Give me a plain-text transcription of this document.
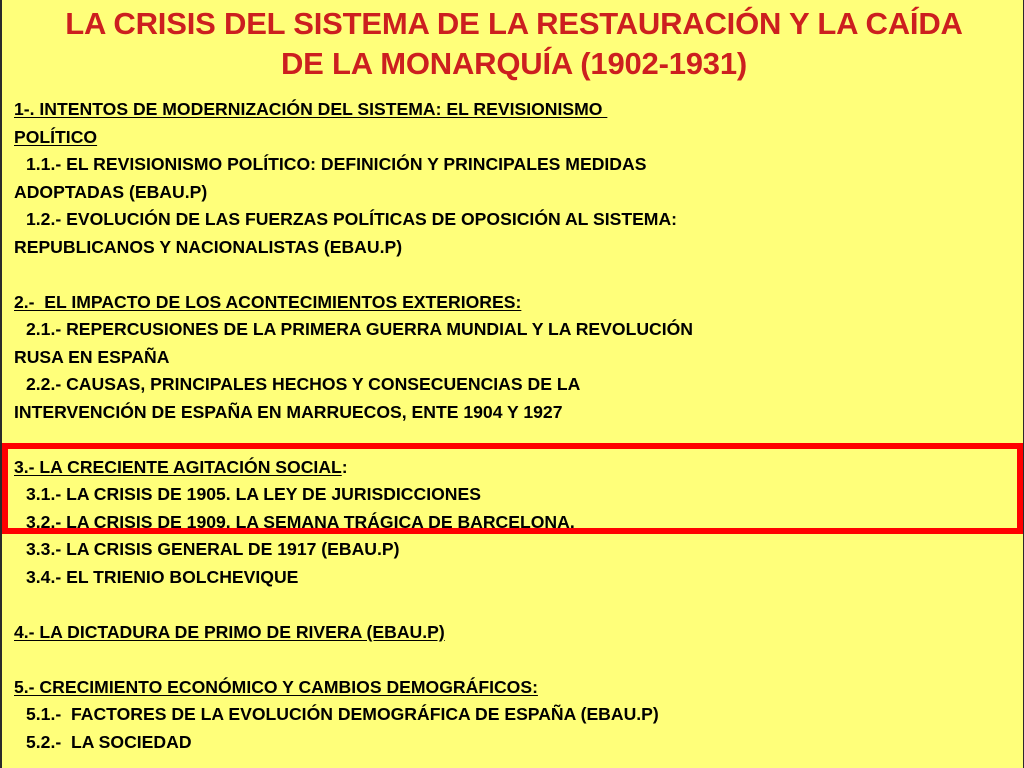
LA CRISIS DEL SISTEMA DE LA RESTAURACIÓN Y LA CAÍDA
DE LA MONARQUÍA (1902-1931)
1-. INTENTOS DE MODERNIZACIÓN DEL SISTEMA: EL REVISIONISMO
POLÍTICO
1.1.- EL REVISIONISMO POLÍTICO: DEFINICIÓN Y PRINCIPALES MEDIDAS
ADOPTADAS (EBAU.P)
1.2.- EVOLUCIÓN DE LAS FUERZAS POLÍTICAS DE OPOSICIÓN AL SISTEMA:
REPUBLICANOS Y NACIONALISTAS (EBAU.P)
2.-  EL IMPACTO DE LOS ACONTECIMIENTOS EXTERIORES:
2.1.- REPERCUSIONES DE LA PRIMERA GUERRA MUNDIAL Y LA REVOLUCIÓN
RUSA EN ESPAÑA
2.2.- CAUSAS, PRINCIPALES HECHOS Y CONSECUENCIAS DE LA
INTERVENCIÓN DE ESPAÑA EN MARRUECOS, ENTE 1904 Y 1927
3.- LA CRECIENTE AGITACIÓN SOCIAL:
3.1.- LA CRISIS DE 1905. LA LEY DE JURISDICCIONES
3.2.- LA CRISIS DE 1909. LA SEMANA TRÁGICA DE BARCELONA.
3.3.- LA CRISIS GENERAL DE 1917 (EBAU.P)
3.4.- EL TRIENIO BOLCHEVIQUE
4.- LA DICTADURA DE PRIMO DE RIVERA (EBAU.P)
5.- CRECIMIENTO ECONÓMICO Y CAMBIOS DEMOGRÁFICOS:
5.1.-  FACTORES DE LA EVOLUCIÓN DEMOGRÁFICA DE ESPAÑA (EBAU.P)
5.2.-  LA SOCIEDAD
